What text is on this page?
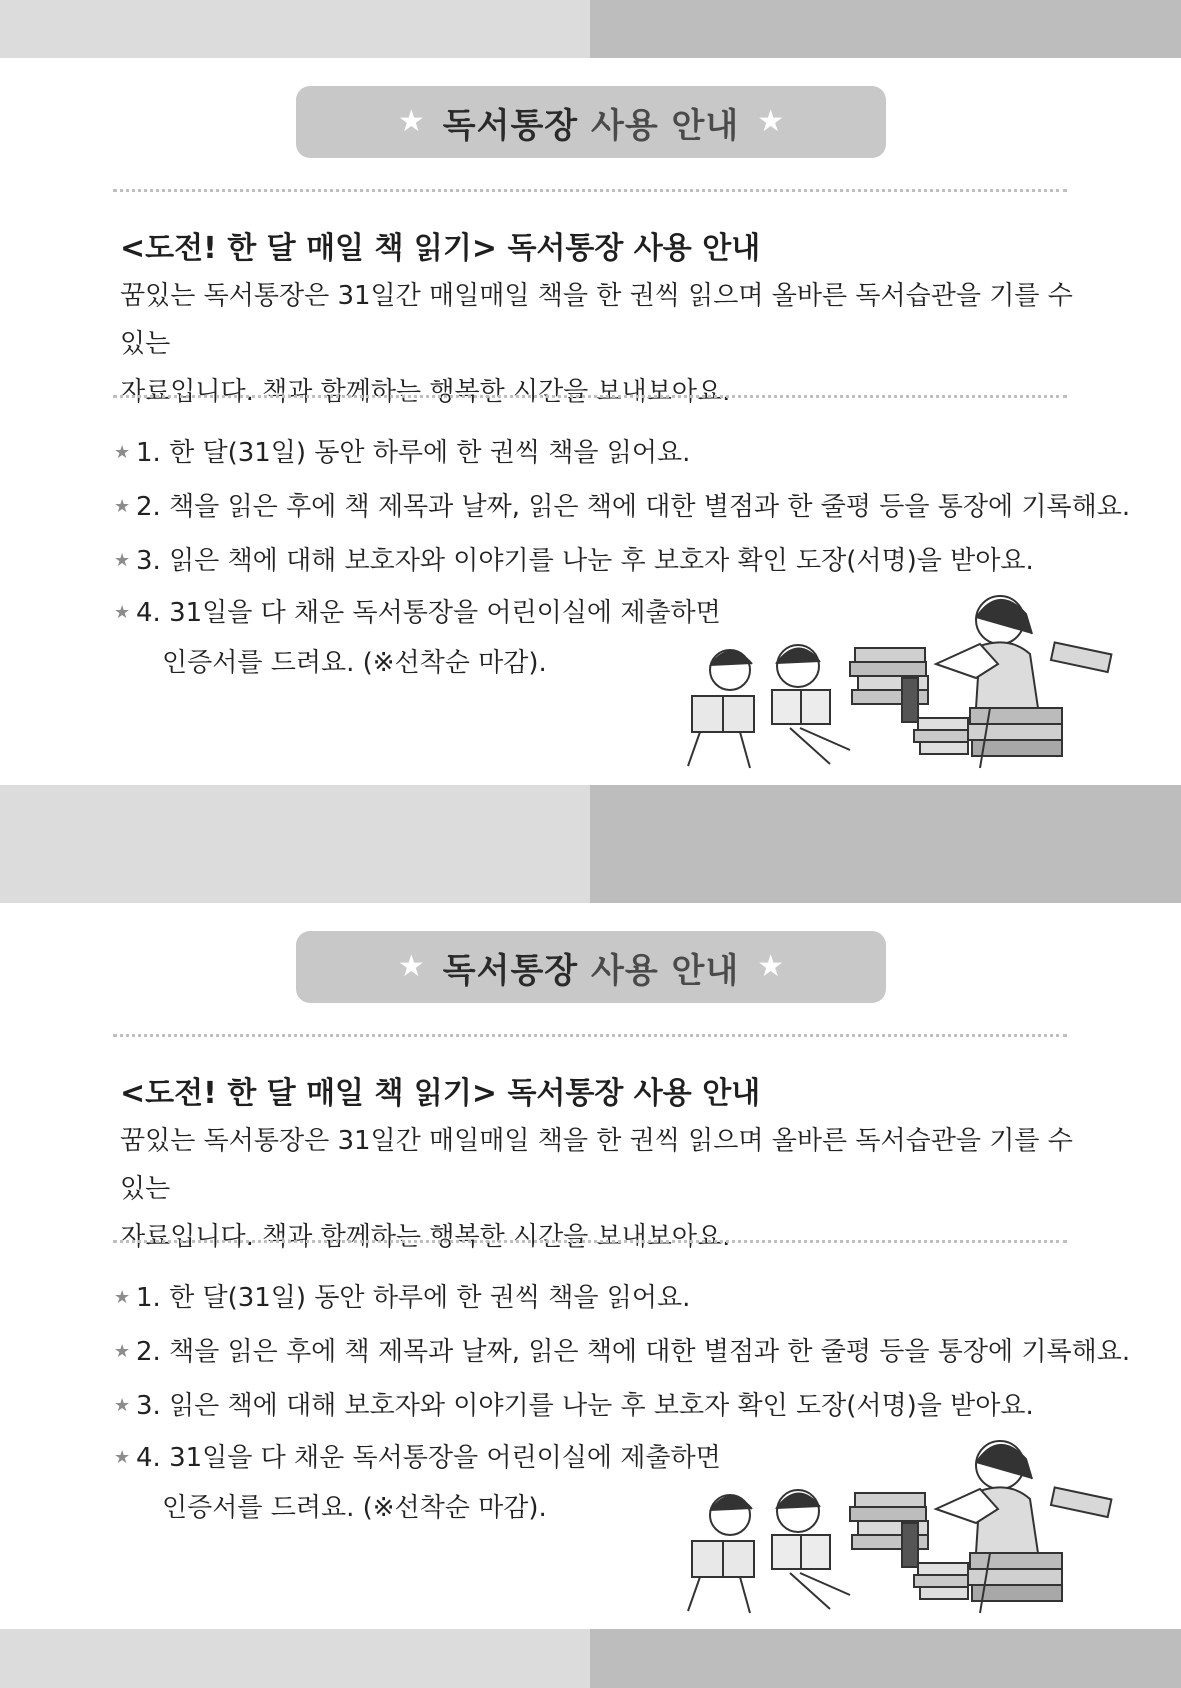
★ 독서통장 사용 안내 ★
<도전! 한 달 매일 책 읽기> 독서통장 사용 안내

꿈있는 독서통장은 31일간 매일매일 책을 한 권씩 읽으며 올바른 독서습관을 기를 수 있는
자료입니다. 책과 함께하는 행복한 시간을 보내보아요.

★ 1. 한 달(31일) 동안 하루에 한 권씩 책을 읽어요.
★ 2. 책을 읽은 후에 책 제목과 날짜, 읽은 책에 대한 별점과 한 줄평 등을 통장에 기록해요.
★ 3. 읽은 책에 대해 보호자와 이야기를 나눈 후 보호자 확인 도장(서명)을 받아요.
★ 4. 31일을 다 채운 독서통장을 어린이실에 제출하면
인증서를 드려요. (※선착순 마감).
★ 독서통장 사용 안내 ★
<도전! 한 달 매일 책 읽기> 독서통장 사용 안내

꿈있는 독서통장은 31일간 매일매일 책을 한 권씩 읽으며 올바른 독서습관을 기를 수 있는
자료입니다. 책과 함께하는 행복한 시간을 보내보아요.

★ 1. 한 달(31일) 동안 하루에 한 권씩 책을 읽어요.
★ 2. 책을 읽은 후에 책 제목과 날짜, 읽은 책에 대한 별점과 한 줄평 등을 통장에 기록해요.
★ 3. 읽은 책에 대해 보호자와 이야기를 나눈 후 보호자 확인 도장(서명)을 받아요.
★ 4. 31일을 다 채운 독서통장을 어린이실에 제출하면
인증서를 드려요. (※선착순 마감).
